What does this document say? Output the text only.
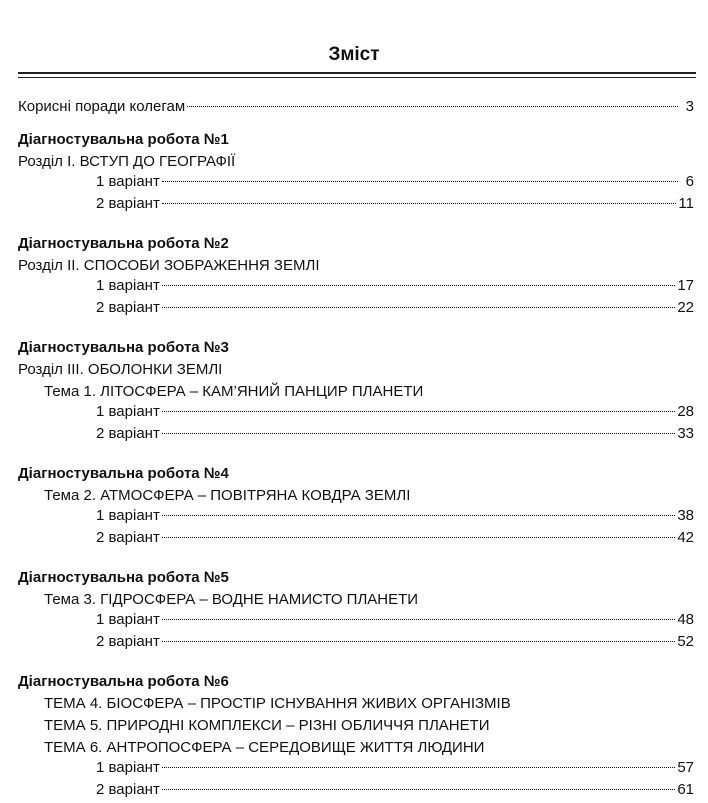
Зміст
Корисні поради колегам	3
Діагностувальна робота №1
Розділ I. ВСТУП ДО ГЕОГРАФІЇ
1 варіант	6
2 варіант	11
Діагностувальна робота №2
Розділ II. СПОСОБИ ЗОБРАЖЕННЯ ЗЕМЛІ
1 варіант	17
2 варіант	22
Діагностувальна робота №3
Розділ III. ОБОЛОНКИ ЗЕМЛІ
Тема 1. ЛІТОСФЕРА – КАМ’ЯНИЙ ПАНЦИР ПЛАНЕТИ
1 варіант	28
2 варіант	33
Діагностувальна робота №4
Тема 2. АТМОСФЕРА – ПОВІТРЯНА КОВДРА ЗЕМЛІ
1 варіант	38
2 варіант	42
Діагностувальна робота №5
Тема 3. ГІДРОСФЕРА – ВОДНЕ НАМИСТО ПЛАНЕТИ
1 варіант	48
2 варіант	52
Діагностувальна робота №6
ТЕМА 4. БІОСФЕРА – ПРОСТІР ІСНУВАННЯ ЖИВИХ ОРГАНІЗМІВ
ТЕМА 5. ПРИРОДНІ КОМПЛЕКСИ – РІЗНІ ОБЛИЧЧЯ ПЛАНЕТИ
ТЕМА 6. АНТРОПОСФЕРА – СЕРЕДОВИЩЕ ЖИТТЯ ЛЮДИНИ
1 варіант	57
2 варіант	61
